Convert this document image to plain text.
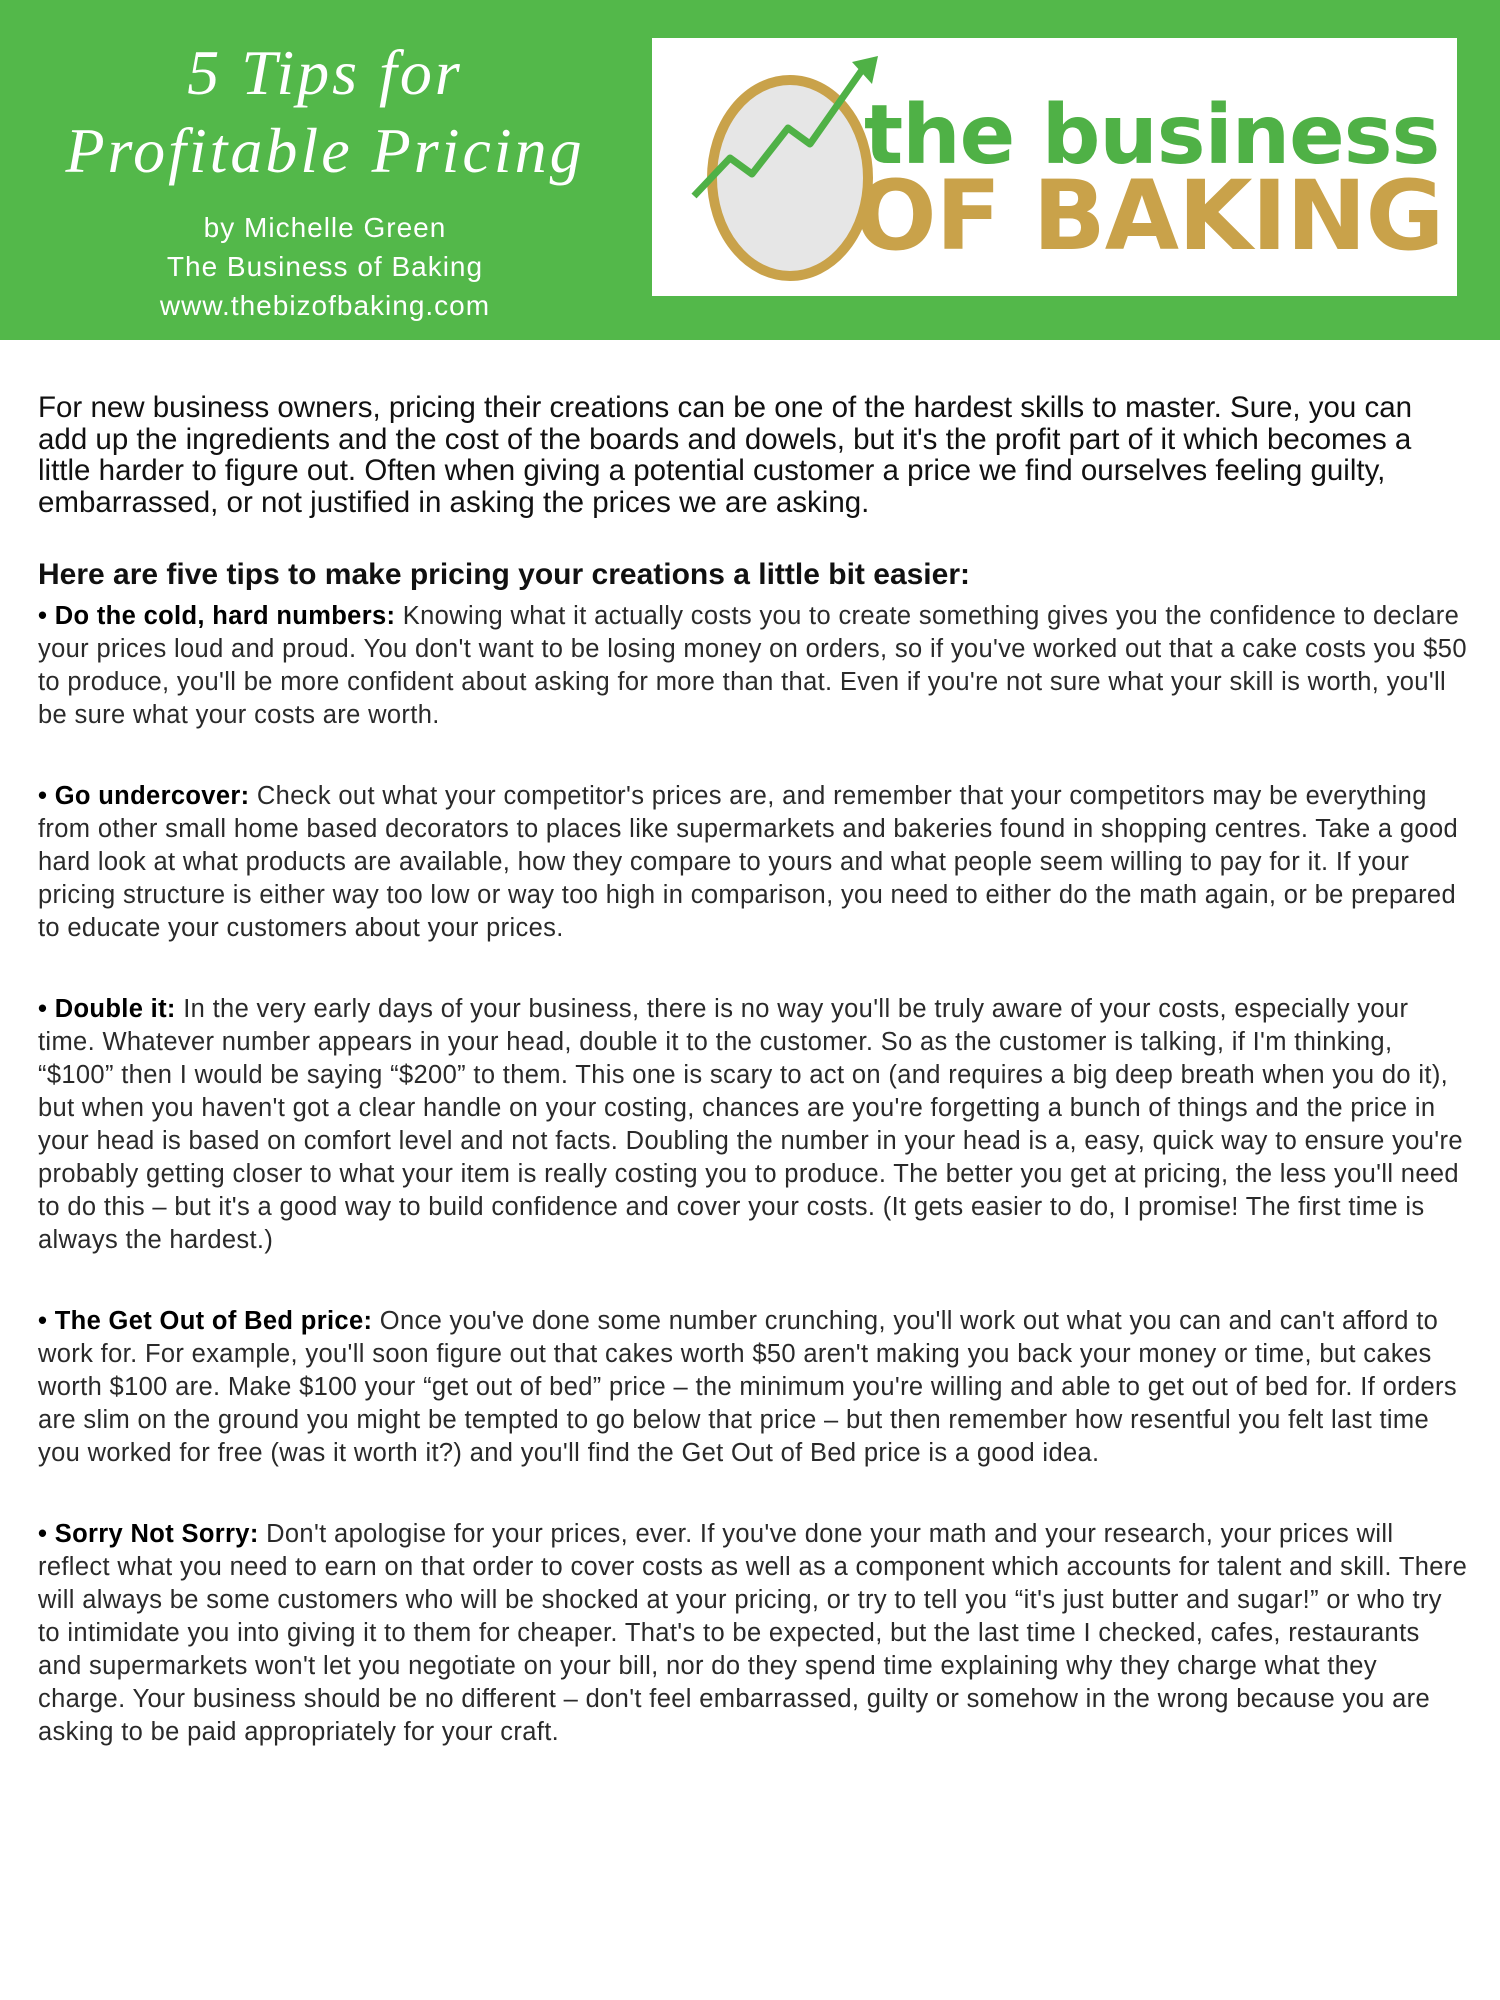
5 Tips for
Profitable Pricing
by Michelle Green
The Business of Baking
www.thebizofbaking.com
the business
OF BAKING

For new business owners, pricing their creations can be one of the hardest skills to master. Sure, you can add up the ingredients and the cost of the boards and dowels, but it's the profit part of it which becomes a little harder to figure out. Often when giving a potential customer a price we find ourselves feeling guilty, embarrassed, or not justified in asking the prices we are asking.

Here are five tips to make pricing your creations a little bit easier:

• Do the cold, hard numbers: Knowing what it actually costs you to create something gives you the confidence to declare your prices loud and proud. You don't want to be losing money on orders, so if you've worked out that a cake costs you $50 to produce, you'll be more confident about asking for more than that. Even if you're not sure what your skill is worth, you'll be sure what your costs are worth.

• Go undercover: Check out what your competitor's prices are, and remember that your competitors may be everything from other small home based decorators to places like supermarkets and bakeries found in shopping centres. Take a good hard look at what products are available, how they compare to yours and what people seem willing to pay for it. If your pricing structure is either way too low or way too high in comparison, you need to either do the math again, or be prepared to educate your customers about your prices.

• Double it: In the very early days of your business, there is no way you'll be truly aware of your costs, especially your time. Whatever number appears in your head, double it to the customer. So as the customer is talking, if I'm thinking, “$100” then I would be saying “$200” to them. This one is scary to act on (and requires a big deep breath when you do it), but when you haven't got a clear handle on your costing, chances are you're forgetting a bunch of things and the price in your head is based on comfort level and not facts. Doubling the number in your head is a, easy, quick way to ensure you're probably getting closer to what your item is really costing you to produce. The better you get at pricing, the less you'll need to do this – but it's a good way to build confidence and cover your costs. (It gets easier to do, I promise! The first time is always the hardest.)

• The Get Out of Bed price: Once you've done some number crunching, you'll work out what you can and can't afford to work for. For example, you'll soon figure out that cakes worth $50 aren't making you back your money or time, but cakes worth $100 are. Make $100 your “get out of bed” price – the minimum you're willing and able to get out of bed for. If orders are slim on the ground you might be tempted to go below that price – but then remember how resentful you felt last time you worked for free (was it worth it?) and you'll find the Get Out of Bed price is a good idea.

• Sorry Not Sorry: Don't apologise for your prices, ever. If you've done your math and your research, your prices will reflect what you need to earn on that order to cover costs as well as a component which accounts for talent and skill. There will always be some customers who will be shocked at your pricing, or try to tell you “it's just butter and sugar!” or who try to intimidate you into giving it to them for cheaper. That's to be expected, but the last time I checked, cafes, restaurants and supermarkets won't let you negotiate on your bill, nor do they spend time explaining why they charge what they charge. Your business should be no different – don't feel embarrassed, guilty or somehow in the wrong because you are asking to be paid appropriately for your craft.
